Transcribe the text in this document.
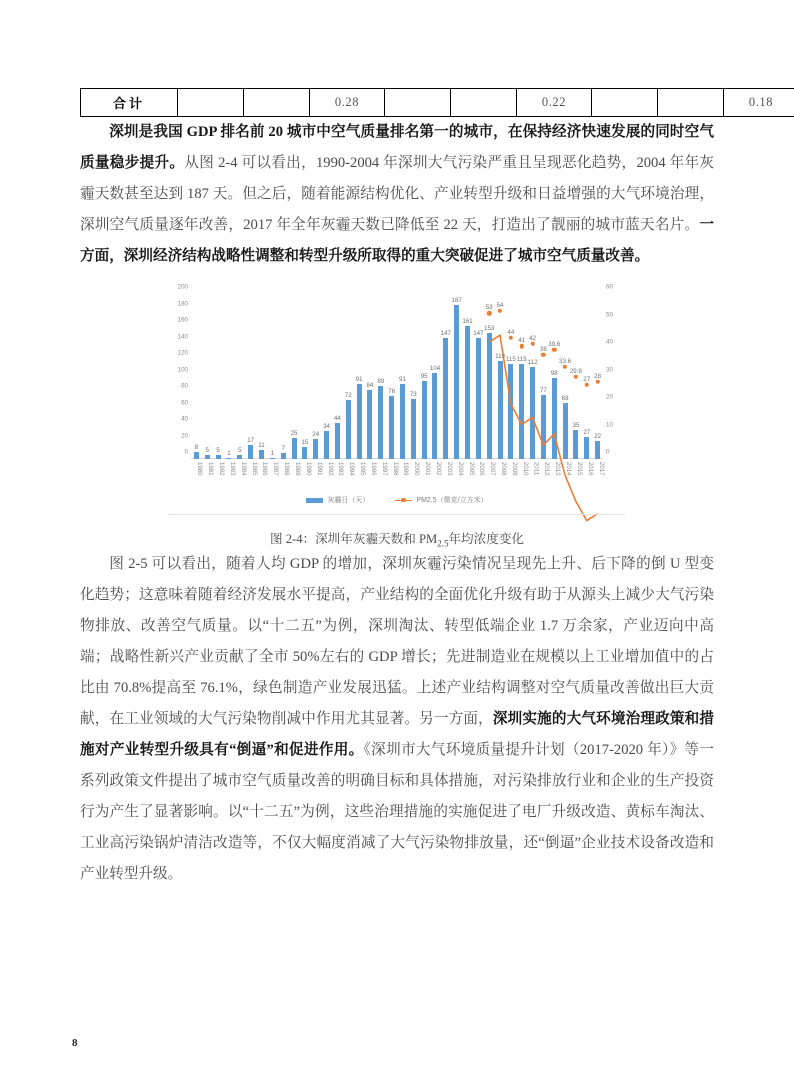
合计			0.28			0.22			0.18

深圳是我国 GDP 排名前 20 城市中空气质量排名第一的城市，在保持经济快速发展的同时空气质量稳步提升。从图 2-4 可以看出，1990-2004 年深圳大气污染严重且呈现恶化趋势，2004 年年灰霾天数甚至达到 187 天。但之后，随着能源结构优化、产业转型升级和日益增强的大气环境治理，深圳空气质量逐年改善，2017 年全年灰霾天数已降低至 22 天，打造出了靓丽的城市蓝天名片。一方面，深圳经济结构战略性调整和转型升级所取得的重大突破促进了城市空气质量改善。

0
20
40
60
80
100
120
140
160
180
200
0
10
20
30
40
50
60
8
1980
5
1981
5
1982
1
1983
5
1984
17
1985
11
1986
1
1987
7
1988
25
1989
15
1990
24
1991
34
1992
44
1993
72
1994
91
1995
84
1996
89
1997
76
1998
91
1999
73
2000
95
2001
104
2002
147
2003
187
2004
161
2005
147
2006
153
2007
119
2008
115
2009
115
2010
112
2011
77
2012
98
2013
68
2014
35
2015
27
2016
22
2017
53 54
44
41 42
38
39.6
33.6
29.8
27 28
灰霾日（天）	PM2.5（微克/立方米）
图 2-4：深圳年灰霾天数和 $PM_{2.5}$年均浓度变化

图 2-5 可以看出，随着人均 GDP 的增加，深圳灰霾污染情况呈现先上升、后下降的倒 U 型变化趋势；这意味着随着经济发展水平提高，产业结构的全面优化升级有助于从源头上减少大气污染物排放、改善空气质量。以“十二五”为例，深圳淘汰、转型低端企业 1.7 万余家，产业迈向中高端；战略性新兴产业贡献了全市 50%左右的 GDP 增长；先进制造业在规模以上工业增加值中的占比由 70.8%提高至 76.1%，绿色制造产业发展迅猛。上述产业结构调整对空气质量改善做出巨大贡献，在工业领域的大气污染物削减中作用尤其显著。另一方面，深圳实施的大气环境治理政策和措施对产业转型升级具有“倒逼”和促进作用。《深圳市大气环境质量提升计划（2017-2020 年）》等一系列政策文件提出了城市空气质量改善的明确目标和具体措施，对污染排放行业和企业的生产投资行为产生了显著影响。以“十二五”为例，这些治理措施的实施促进了电厂升级改造、黄标车淘汰、工业高污染锅炉清洁改造等，不仅大幅度消减了大气污染物排放量，还“倒逼”企业技术设备改造和产业转型升级。

8
